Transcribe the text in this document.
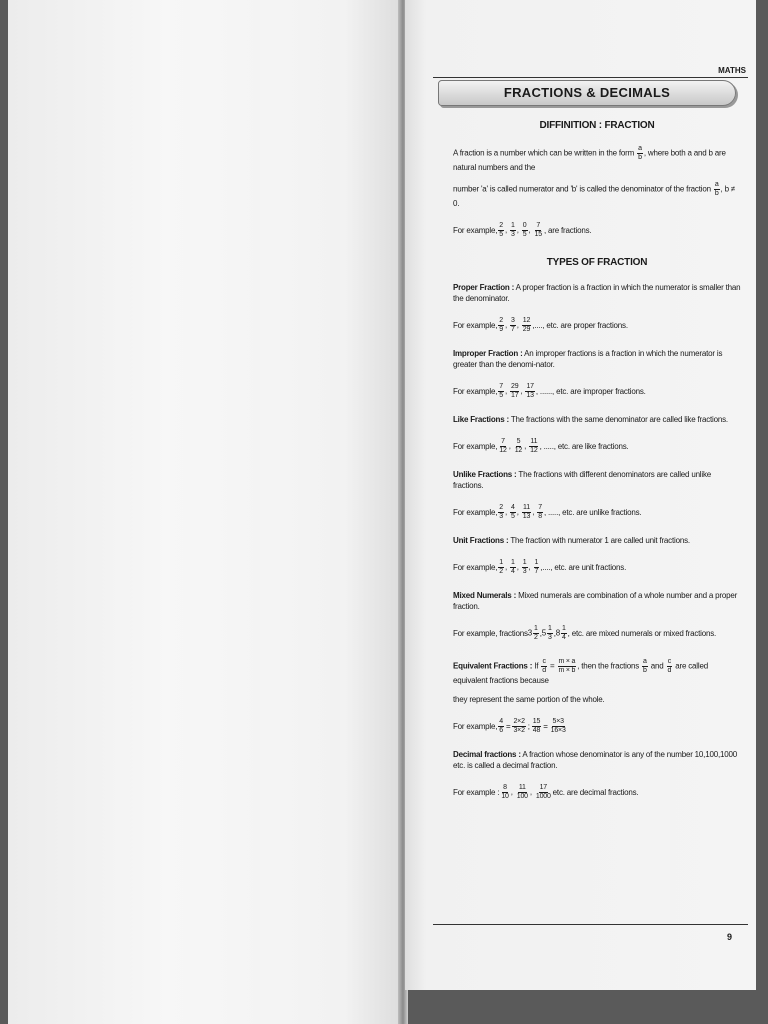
MATHS
FRACTIONS & DECIMALS
DIFFINITION : FRACTION

A fraction is a number which can be written in the form $\frac{a}{b}$ , where both a and b are natural numbers and the

number 'a' is called numerator and 'b' is called the denominator of the fraction $\frac{a}{b}$ , b ≠ 0.

For example, $\frac{2}{5}$ , $\frac{1}{3}$ , $\frac{0}{5}$ , $\frac{7}{15}$ , are fractions.
TYPES OF FRACTION

Proper Fraction : A proper fraction is a fraction in which the numerator is smaller than the denominator.

For example, $\frac{2}{9}$ , $\frac{3}{7}$ , $\frac{12}{29}$ ,...., etc. are proper fractions.

Improper Fraction : An improper fractions is a fraction in which the numerator is greater than the denomi-nator.

For example, $\frac{7}{5}$ , $\frac{29}{17}$ , $\frac{17}{13}$ , ......, etc. are improper fractions.

Like Fractions : The fractions with the same denominator are called like fractions.

For example, $\frac{7}{12}$ , $\frac{5}{12}$ , $\frac{11}{12}$ , ....., etc. are like fractions.

Unlike Fractions : The fractions with different denominators are called unlike fractions.

For example, $\frac{2}{3}$ , $\frac{4}{5}$ , $\frac{11}{13}$ , $\frac{7}{8}$ , ....., etc. are unlike fractions.

Unit Fractions : The fraction with numerator 1 are called unit fractions.

For example, $\frac{1}{2}$ , $\frac{1}{4}$ , $\frac{1}{3}$ , $\frac{1}{7}$ ,...., etc. are unit fractions.

Mixed Numerals : Mixed numerals are combination of a whole number and a proper fraction.

For example, fractions $3 \frac{1}{2}$ , $5 \frac{1}{3}$ , $8 \frac{1}{4}$ , etc. are mixed numerals or mixed fractions.

Equivalent Fractions : If $\frac{c}{d} = \frac{m \times a}{m \times b}$ , then the fractions $\frac{a}{b}$ and $\frac{c}{d}$ are called equivalent fractions because

they represent the same portion of the whole.

For example, $\frac{4}{6} = \frac{2\times 2}{3\times 2}$ ; $\frac{15}{48} = \frac{5\times 3}{16\times 3}$

Decimal fractions : A fraction whose denominator is any of the number 10,100,1000 etc. is called a decimal fraction.

For example : $\frac{8}{10}$ , $\frac{11}{100}$ , $\frac{17}{1000}$ etc. are decimal fractions.
9
